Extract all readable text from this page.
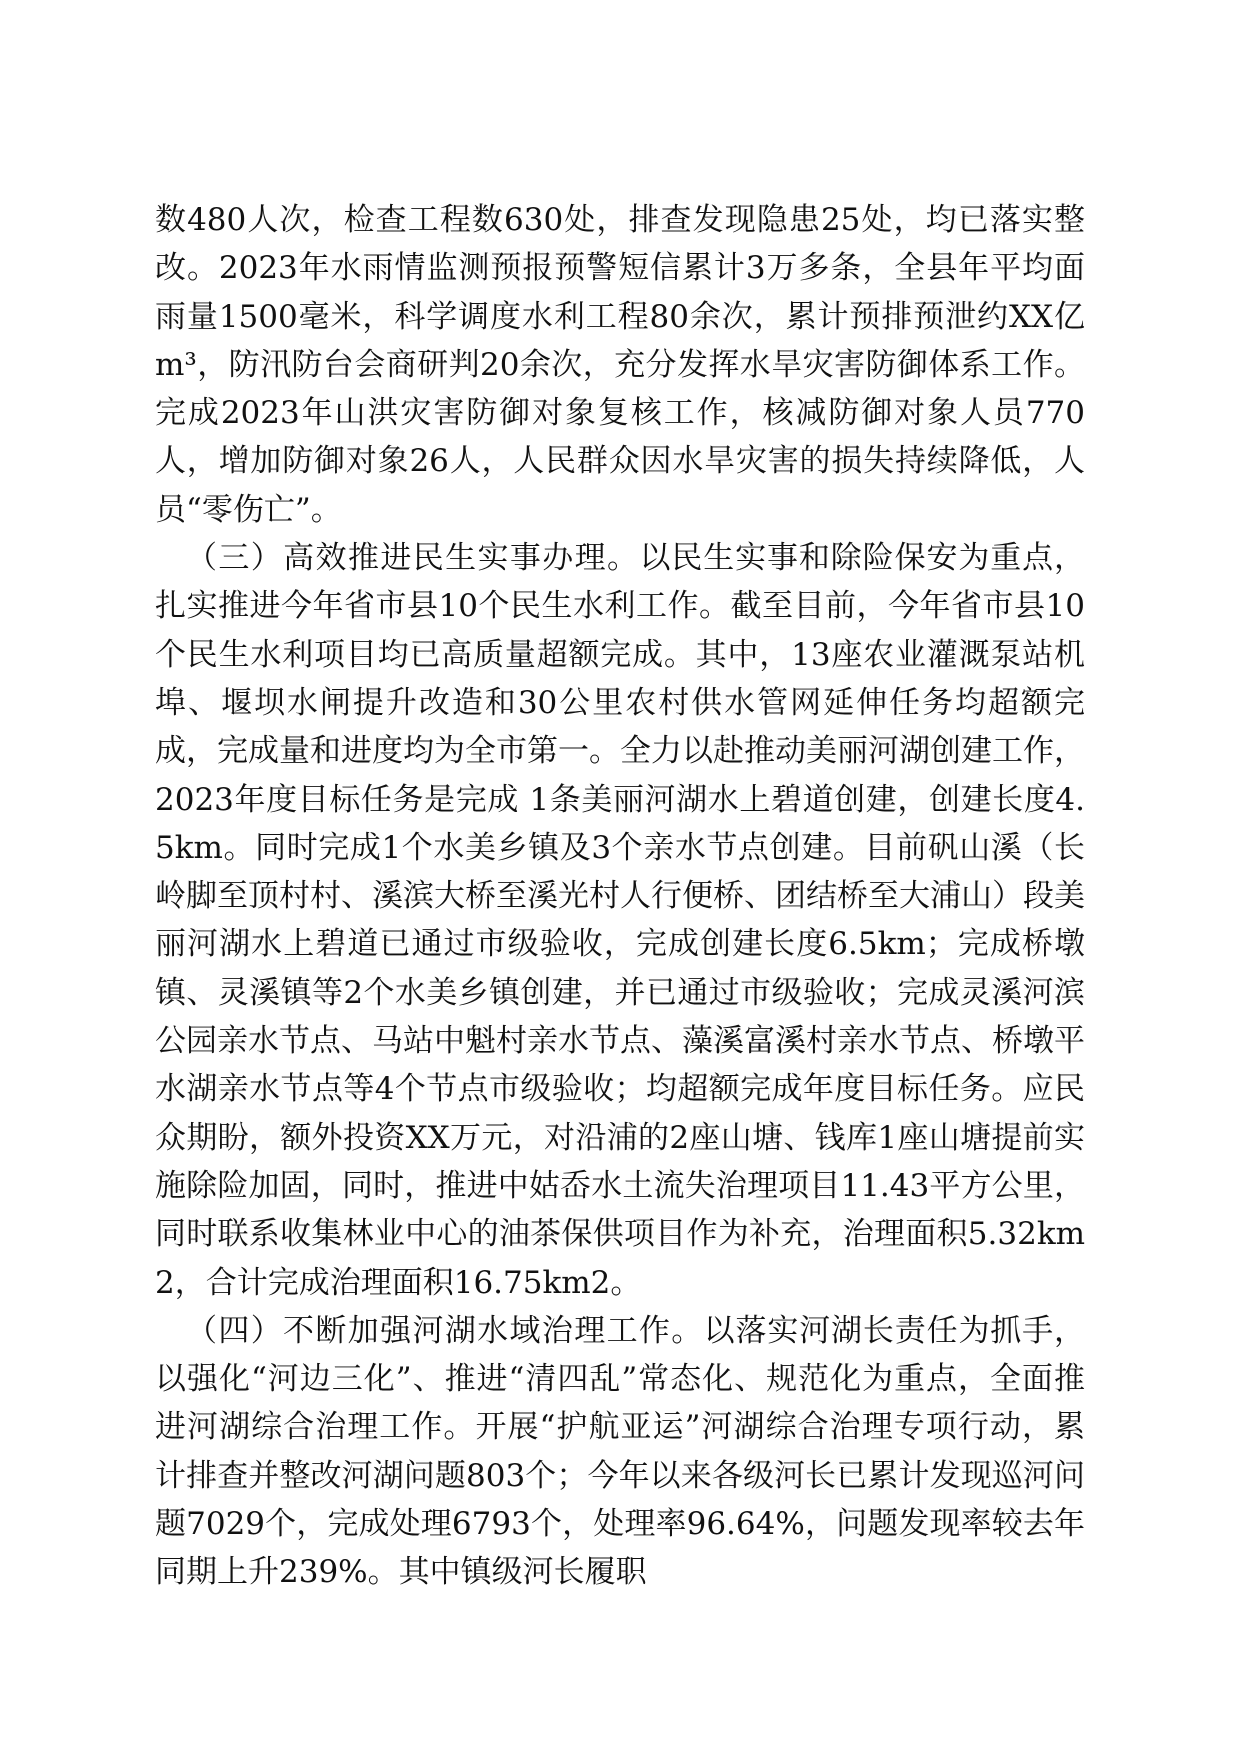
数480人次，检查工程数630处，排查发现隐患25处，均已落实整改。2023年水雨情监测预报预警短信累计3万多条，全县年平均面雨量1500毫米，科学调度水利工程80余次，累计预排预泄约XX亿m³，防汛防台会商研判20余次，充分发挥水旱灾害防御体系工作。完成2023年山洪灾害防御对象复核工作，核减防御对象人员770人，增加防御对象26人，人民群众因水旱灾害的损失持续降低，人员“零伤亡”。

（三）高效推进民生实事办理。以民生实事和除险保安为重点，扎实推进今年省市县10个民生水利工作。截至目前，今年省市县10个民生水利项目均已高质量超额完成。其中，13座农业灌溉泵站机埠、堰坝水闸提升改造和30公里农村供水管网延伸任务均超额完成，完成量和进度均为全市第一。全力以赴推动美丽河湖创建工作，2023年度目标任务是完成 1条美丽河湖水上碧道创建，创建长度4.5km。同时完成1个水美乡镇及3个亲水节点创建。目前矾山溪（长岭脚至顶村村、溪滨大桥至溪光村人行便桥、团结桥至大浦山）段美丽河湖水上碧道已通过市级验收，完成创建长度6.5km；完成桥墩镇、灵溪镇等2个水美乡镇创建，并已通过市级验收；完成灵溪河滨公园亲水节点、马站中魁村亲水节点、藻溪富溪村亲水节点、桥墩平水湖亲水节点等4个节点市级验收；均超额完成年度目标任务。应民众期盼，额外投资XX万元，对沿浦的2座山塘、钱库1座山塘提前实施除险加固，同时，推进中姑岙水土流失治理项目11.43平方公里，同时联系收集林业中心的油茶保供项目作为补充，治理面积5.32km2，合计完成治理面积16.75km2。

（四）不断加强河湖水域治理工作。以落实河湖长责任为抓手，以强化“河边三化”、推进“清四乱”常态化、规范化为重点，全面推进河湖综合治理工作。开展“护航亚运”河湖综合治理专项行动，累计排查并整改河湖问题803个；今年以来各级河长已累计发现巡河问题7029个，完成处理6793个，处理率96.64%，问题发现率较去年同期上升239%。其中镇级河长履职
